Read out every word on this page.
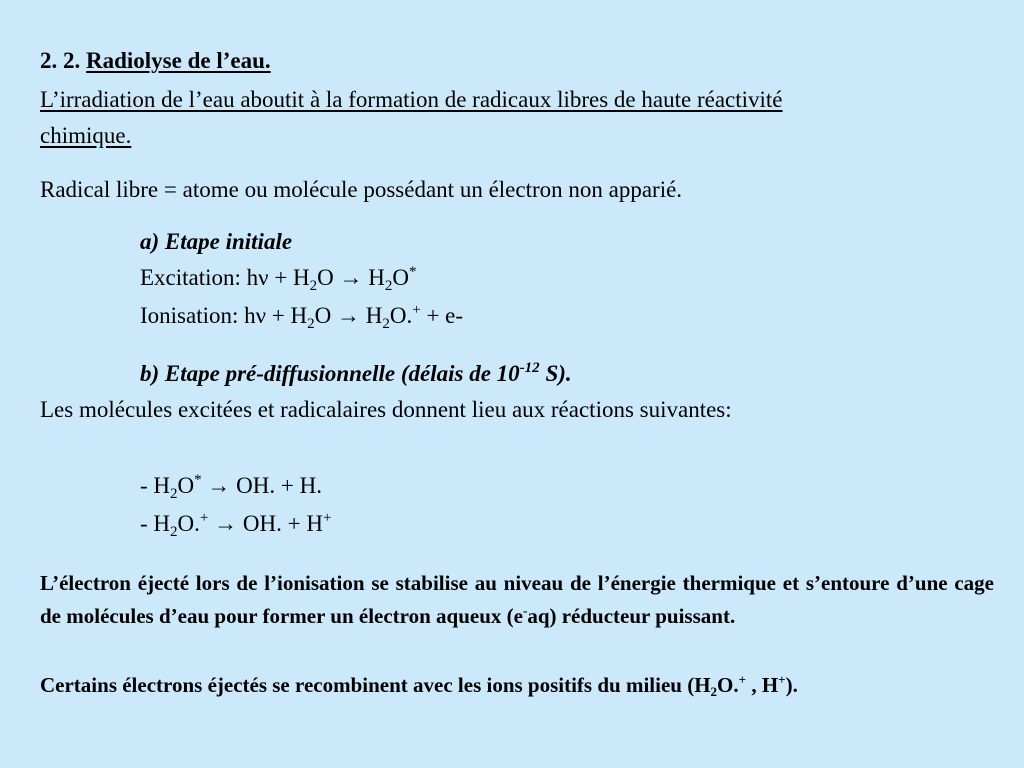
2. 2. Radiolyse de l’eau.
L’irradiation de l’eau aboutit à la formation de radicaux libres de haute réactivité
chimique.
Radical libre = atome ou molécule possédant un électron non apparié.
a) Etape initiale
Excitation: $h\nu + H_2O \to H_2O^*$
Ionisation: $h\nu + H_2O \to H_2O.^+ + e-$
b) Etape pré-diffusionnelle (délais de $10^{-12}$ S).
Les molécules excitées et radicalaires donnent lieu aux réactions suivantes:
- $H_2O^*$ → OH. + H.
- $H_2O.^+$ → OH. + H+
L’électron éjecté lors de l’ionisation se stabilise au niveau de l’énergie thermique et s’entoure d’une cage de molécules d’eau pour former un électron aqueux (e-aq) réducteur puissant.
Certains électrons éjectés se recombinent avec les ions positifs du milieu ($H_2O.^+$ , H+).
